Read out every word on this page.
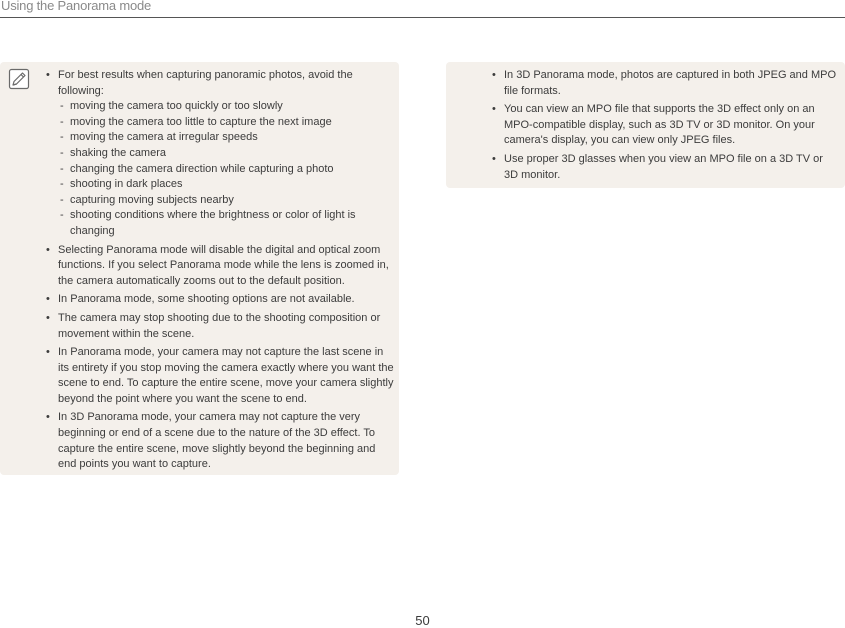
Using the Panorama mode
• For best results when capturing panoramic photos, avoid the following:
- moving the camera too quickly or too slowly
- moving the camera too little to capture the next image
- moving the camera at irregular speeds
- shaking the camera
- changing the camera direction while capturing a photo
- shooting in dark places
- capturing moving subjects nearby
- shooting conditions where the brightness or color of light is changing
• Selecting Panorama mode will disable the digital and optical zoom functions. If you select Panorama mode while the lens is zoomed in, the camera automatically zooms out to the default position.
• In Panorama mode, some shooting options are not available.
• The camera may stop shooting due to the shooting composition or movement within the scene.
• In Panorama mode, your camera may not capture the last scene in its entirety if you stop moving the camera exactly where you want the scene to end. To capture the entire scene, move your camera slightly beyond the point where you want the scene to end.
• In 3D Panorama mode, your camera may not capture the very beginning or end of a scene due to the nature of the 3D effect. To capture the entire scene, move slightly beyond the beginning and end points you want to capture.
• In 3D Panorama mode, photos are captured in both JPEG and MPO file formats.
• You can view an MPO file that supports the 3D effect only on an MPO-compatible display, such as 3D TV or 3D monitor. On your camera's display, you can view only JPEG files.
• Use proper 3D glasses when you view an MPO file on a 3D TV or 3D monitor.
50
